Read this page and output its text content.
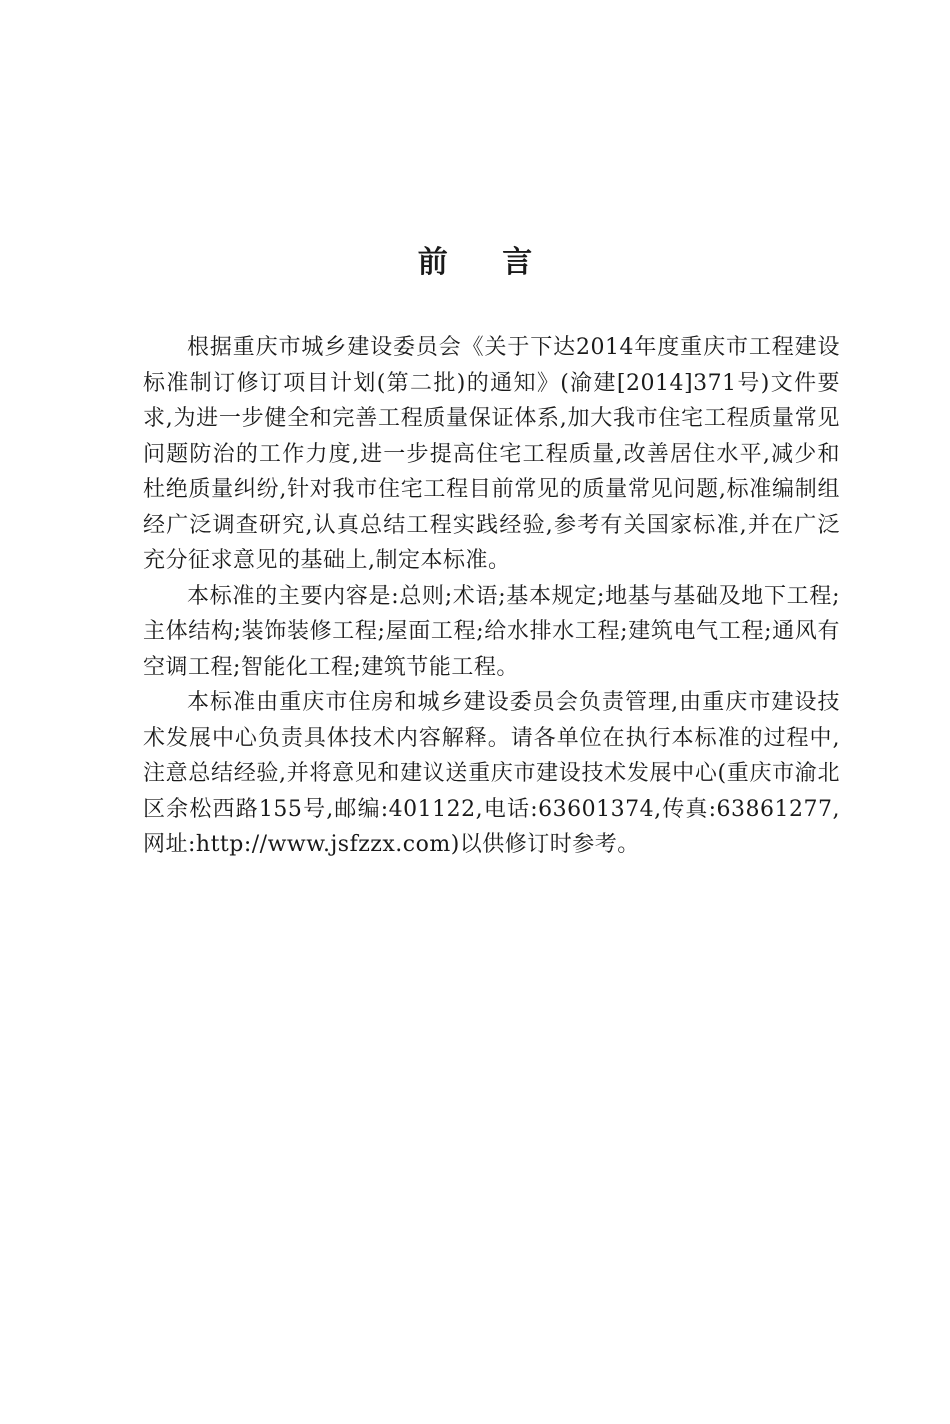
前 言

根据重庆市城乡建设委员会《关于下达2014年度重庆市工程建设标准制订修订项目计划(第二批)的通知》(渝建[2014]371号)文件要求,为进一步健全和完善工程质量保证体系,加大我市住宅工程质量常见问题防治的工作力度,进一步提高住宅工程质量,改善居住水平,减少和杜绝质量纠纷,针对我市住宅工程目前常见的质量常见问题,标准编制组经广泛调查研究,认真总结工程实践经验,参考有关国家标准,并在广泛充分征求意见的基础上,制定本标准。

本标准的主要内容是:总则;术语;基本规定;地基与基础及地下工程;主体结构;装饰装修工程;屋面工程;给水排水工程;建筑电气工程;通风有空调工程;智能化工程;建筑节能工程。

本标准由重庆市住房和城乡建设委员会负责管理,由重庆市建设技术发展中心负责具体技术内容解释。请各单位在执行本标准的过程中,注意总结经验,并将意见和建议送重庆市建设技术发展中心(重庆市渝北区余松西路155号,邮编:401122,电话:63601374,传真:63861277,网址:http://www.jsfzzx.com)以供修订时参考。
